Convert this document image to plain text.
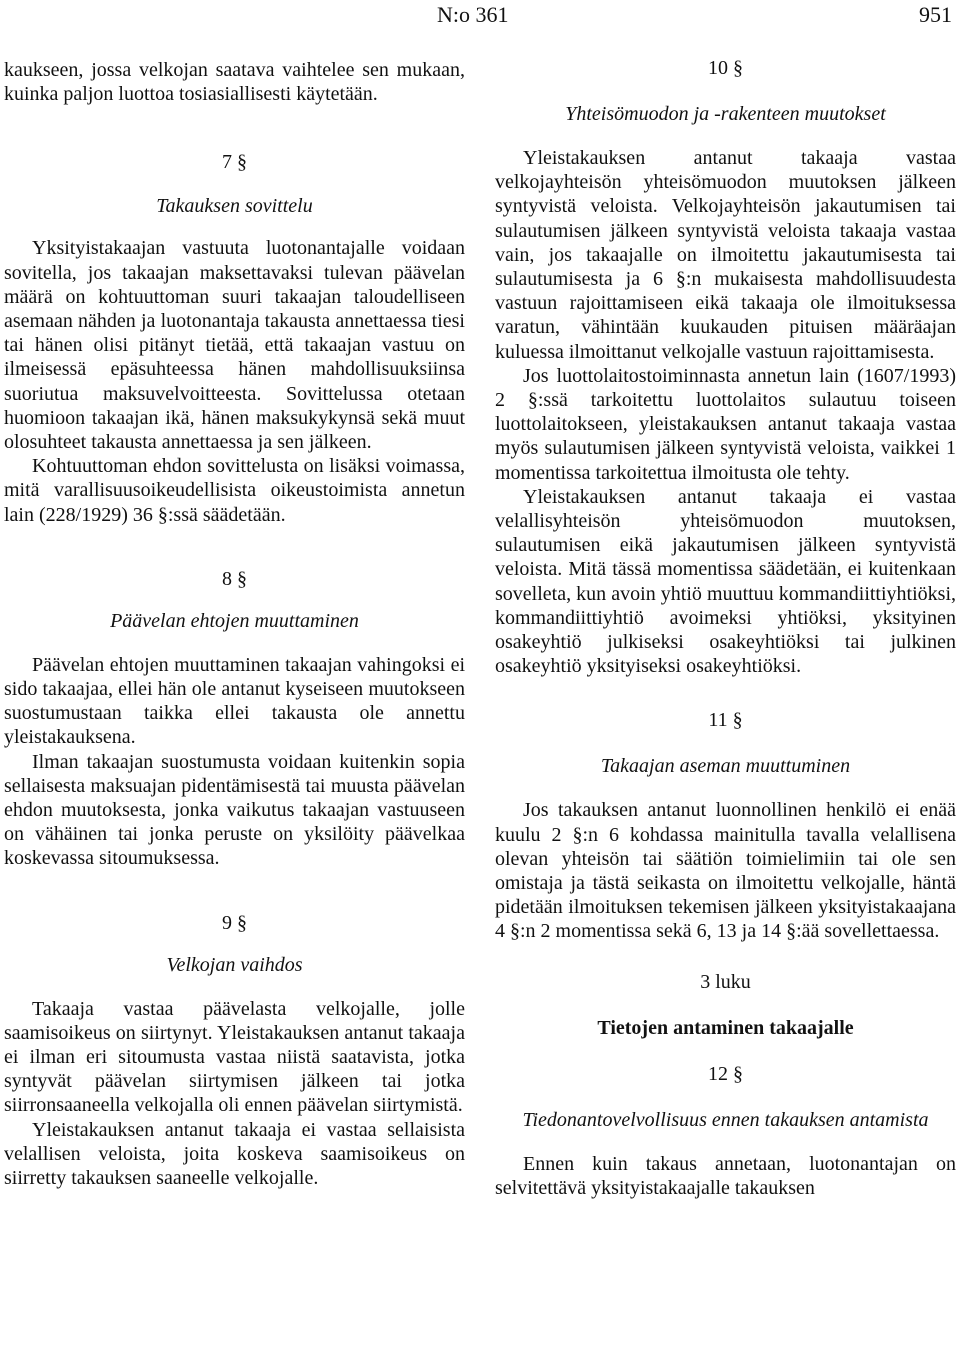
N:o 361	951

kaukseen, jossa velkojan saatava vaihtelee sen mukaan, kuinka paljon luottoa tosiasiallisesti käytetään.

7 §

Takauksen sovittelu

Yksityistakaajan vastuuta luotonantajalle voidaan sovitella, jos takaajan maksettavaksi tulevan päävelan määrä on kohtuuttoman suuri takaajan taloudelliseen asemaan nähden ja luotonantaja takausta annettaessa tiesi tai hänen olisi pitänyt tietää, että takaajan vastuu on ilmeisessä epäsuhteessa hänen mahdollisuuksiinsa suoriutua maksuvelvoitteesta. Sovittelussa otetaan huomioon takaajan ikä, hänen maksukykynsä sekä muut olosuhteet takausta annettaessa ja sen jälkeen.

Kohtuuttoman ehdon sovittelusta on lisäksi voimassa, mitä varallisuusoikeudellisista oikeustoimista annetun lain (228/1929) 36 §:ssä säädetään.

8 §

Päävelan ehtojen muuttaminen

Päävelan ehtojen muuttaminen takaajan vahingoksi ei sido takaajaa, ellei hän ole antanut kyseiseen muutokseen suostumustaan taikka ellei takausta ole annettu yleistakauksena.

Ilman takaajan suostumusta voidaan kuitenkin sopia sellaisesta maksuajan pidentämisestä tai muusta päävelan ehdon muutoksesta, jonka vaikutus takaajan vastuuseen on vähäinen tai jonka peruste on yksilöity päävelkaa koskevassa sitoumuksessa.

9 §

Velkojan vaihdos

Takaaja vastaa päävelasta velkojalle, jolle saamisoikeus on siirtynyt. Yleistakauksen antanut takaaja ei ilman eri sitoumusta vastaa niistä saatavista, jotka syntyvät päävelan siirtymisen jälkeen tai jotka siirronsaaneella velkojalla oli ennen päävelan siirtymistä.

Yleistakauksen antanut takaaja ei vastaa sellaisista velallisen veloista, joita koskeva saamisoikeus on siirretty takauksen saaneelle velkojalle.

10 §

Yhteisömuodon ja -rakenteen muutokset

Yleistakauksen antanut takaaja vastaa velkojayhteisön yhteisömuodon muutoksen jälkeen syntyvistä veloista. Velkojayhteisön jakautumisen tai sulautumisen jälkeen syntyvistä veloista takaaja vastaa vain, jos takaajalle on ilmoitettu jakautumisesta tai sulautumisesta ja 6 §:n mukaisesta mahdollisuudesta vastuun rajoittamiseen eikä takaaja ole ilmoituksessa varatun, vähintään kuukauden pituisen määräajan kuluessa ilmoittanut velkojalle vastuun rajoittamisesta.

Jos luottolaitostoiminnasta annetun lain (1607/1993) 2 §:ssä tarkoitettu luottolaitos sulautuu toiseen luottolaitokseen, yleistakauksen antanut takaaja vastaa myös sulautumisen jälkeen syntyvistä veloista, vaikkei 1 momentissa tarkoitettua ilmoitusta ole tehty.

Yleistakauksen antanut takaaja ei vastaa velallisyhteisön yhteisömuodon muutoksen, sulautumisen eikä jakautumisen jälkeen syntyvistä veloista. Mitä tässä momentissa säädetään, ei kuitenkaan sovelleta, kun avoin yhtiö muuttuu kommandiittiyhtiöksi, kommandiittiyhtiö avoimeksi yhtiöksi, yksityinen osakeyhtiö julkiseksi osakeyhtiöksi tai julkinen osakeyhtiö yksityiseksi osakeyhtiöksi.

11 §

Takaajan aseman muuttuminen

Jos takauksen antanut luonnollinen henkilö ei enää kuulu 2 §:n 6 kohdassa mainitulla tavalla velallisena olevan yhteisön tai säätiön toimielimiin tai ole sen omistaja ja tästä seikasta on ilmoitettu velkojalle, häntä pidetään ilmoituksen tekemisen jälkeen yksityistakaajana 4 §:n 2 momentissa sekä 6, 13 ja 14 §:ää sovellettaessa.

3 luku

Tietojen antaminen takaajalle

12 §

Tiedonantovelvollisuus ennen takauksen antamista

Ennen kuin takaus annetaan, luotonantajan on selvitettävä yksityistakaajalle takauksen
